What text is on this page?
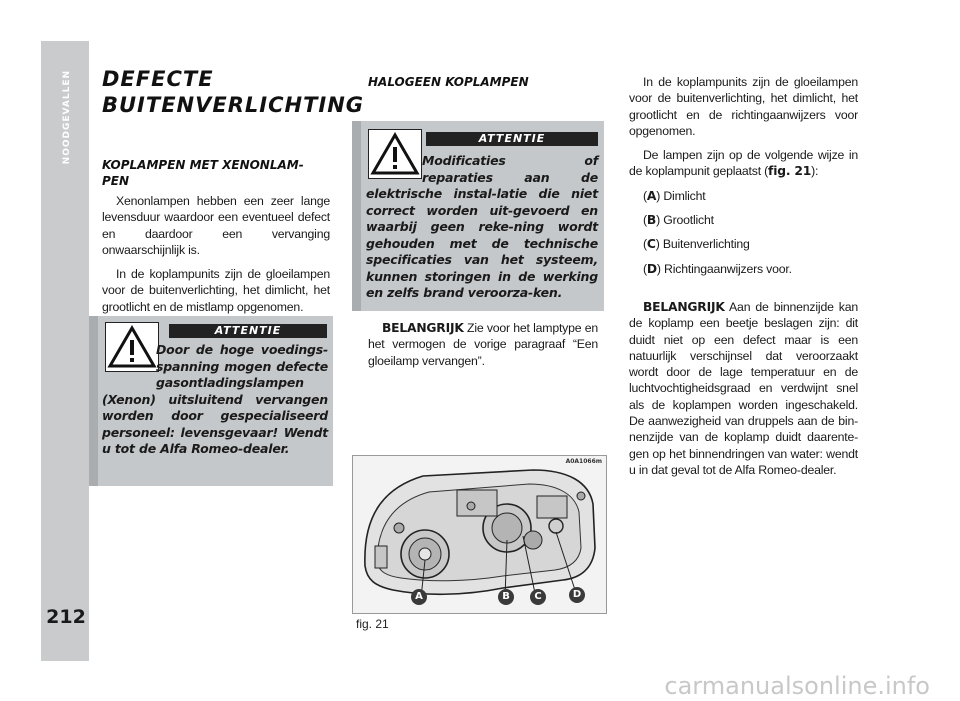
NOODGEVALLEN
212
DEFECTE
BUITENVERLICHTING
KOPLAMPEN MET XENONLAM-
PEN

Xenonlampen hebben een zeer lange levensduur waardoor een eventueel defect en daardoor een vervanging onwaarschijnlijk is.

In de koplampunits zijn de gloeilampen voor de buitenverlichting, het dimlicht, het grootlicht en de mistlamp opgenomen.

ATTENTIE
Door de hoge voedings-spanning mogen defecte gasontladingslampen (Xenon) uitsluitend vervangen worden door gespecialiseerd personeel: levensgevaar! Wendt u tot de Alfa Romeo-dealer.
HALOGEEN KOPLAMPEN
ATTENTIE
Modificaties of reparaties aan de elektrische instal-latie die niet correct worden uit-gevoerd en waarbij geen reke-ning wordt gehouden met de technische specificaties van het systeem, kunnen storingen in de werking en zelfs brand veroorza-ken.

BELANGRIJK Zie voor het lamptype en het vermogen de vorige paragraaf “Een gloeilamp vervangen”.

A0A1066m
A	B	C	D
fig. 21

In de koplampunits zijn de gloeilampen voor de buitenverlichting, het dimlicht, het grootlicht en de richtingaanwijzers voor opgenomen.

De lampen zijn op de volgende wijze in de koplampunit geplaatst (fig. 21):

(A) Dimlicht

(B) Grootlicht

(C) Buitenverlichting

(D) Richtingaanwijzers voor.

BELANGRIJK Aan de binnenzijde kan de koplamp een beetje beslagen zijn: dit duidt niet op een defect maar is een natuurlijk verschijnsel dat veroorzaakt wordt door de lage temperatuur en de luchtvochtigheidsgraad en verdwijnt snel als de koplampen worden ingeschakeld. De aanwezigheid van druppels aan de bin-nenzijde van de koplamp duidt daarente-gen op het binnendringen van water: wendt u in dat geval tot de Alfa Romeo-dealer.

carmanualsonline.info
